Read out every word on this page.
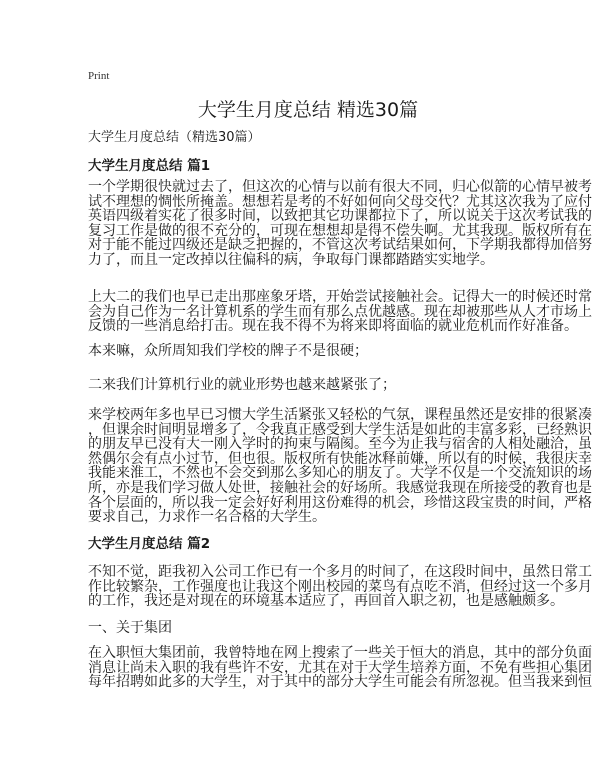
Print
大学生月度总结 精选30篇
大学生月度总结（精选30篇）
大学生月度总结 篇1
一个学期很快就过去了，但这次的心情与以前有很大不同，归心似箭的心情早被考
试不理想的惆怅所掩盖。想想若是考的不好如何向父母交代？尤其这次我为了应付
英语四级着实花了很多时间，以致把其它功课都拉下了，所以说关于这次考试我的
复习工作是做的很不充分的，可现在想想却是得不偿失啊。尤其我现。版权所有在
对于能不能过四级还是缺乏把握的，不管这次考试结果如何，下学期我都得加倍努
力了，而且一定改掉以往偏科的病，争取每门课都踏踏实实地学。
上大二的我们也早已走出那座象牙塔，开始尝试接触社会。记得大一的时候还时常
会为自己作为一名计算机系的学生而有那么点优越感。现在却被那些从人才市场上
反馈的一些消息给打击。现在我不得不为将来即将面临的就业危机而作好准备。
本来嘛，众所周知我们学校的牌子不是很硬；
二来我们计算机行业的就业形势也越来越紧张了；
来学校两年多也早已习惯大学生活紧张又轻松的气氛，课程虽然还是安排的很紧凑
，但课余时间明显增多了，令我真正感受到大学生活是如此的丰富多彩，已经熟识
的朋友早已没有大一刚入学时的拘束与隔阂。至今为止我与宿舍的人相处融洽，虽
然偶尔会有点小过节，但也很。版权所有快能冰释前嫌，所以有的时候，我很庆幸
我能来淮工，不然也不会交到那么多知心的朋友了。大学不仅是一个交流知识的场
所，亦是我们学习做人处世，接触社会的好场所。我感觉我现在所接受的教育也是
各个层面的，所以我一定会好好利用这份难得的机会，珍惜这段宝贵的时间，严格
要求自己，力求作一名合格的大学生。
大学生月度总结 篇2
不知不觉，距我初入公司工作已有一个多月的时间了，在这段时间中，虽然日常工
作比较繁杂，工作强度也让我这个刚出校园的菜鸟有点吃不消，但经过这一个多月
的工作，我还是对现在的环境基本适应了，再回首入职之初，也是感触颇多。
一、关于集团
在入职恒大集团前，我曾特地在网上搜索了一些关于恒大的消息，其中的部分负面
消息让尚未入职的我有些许不安，尤其在对于大学生培养方面，不免有些担心集团
每年招聘如此多的大学生，对于其中的部分大学生可能会有所忽视。但当我来到恒
